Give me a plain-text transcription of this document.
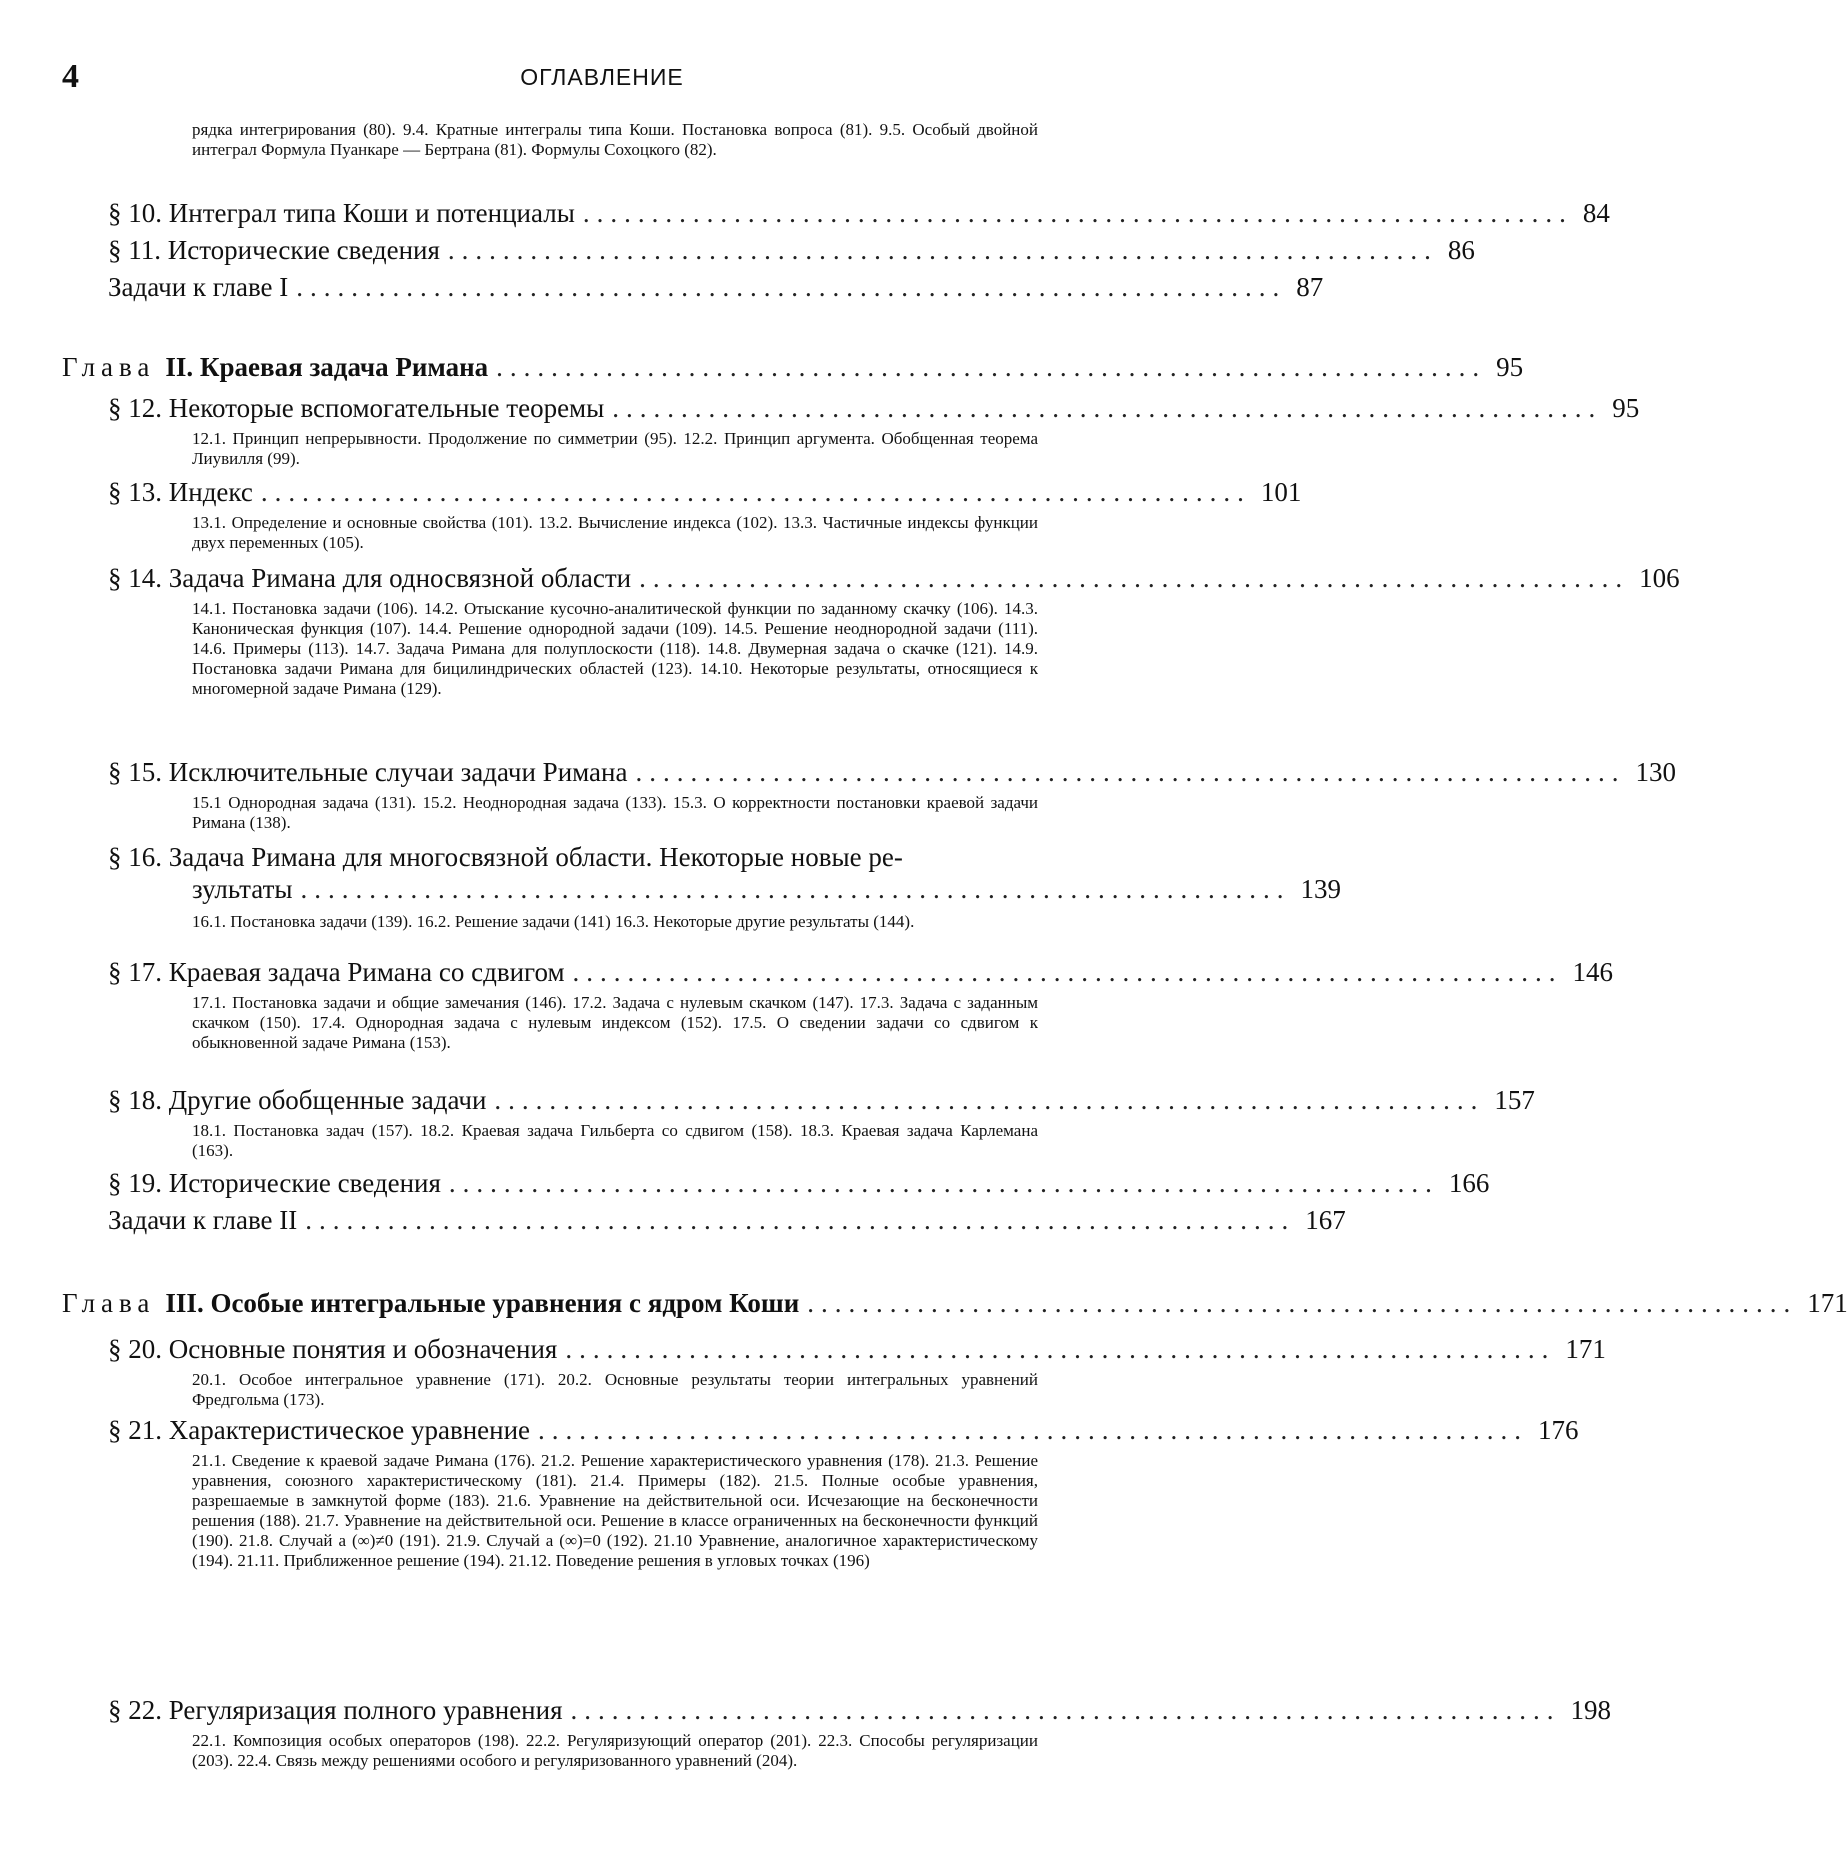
4	ОГЛАВЛЕНИЕ
рядка интегрирования (80). 9.4. Кратные интегралы типа Коши. Постановка вопроса (81). 9.5. Особый двойной интеграл Формула Пуанкаре — Бертрана (81). Формулы Сохоцкого (82).
§ 10. Интеграл типа Коши и потенциалы ........................................................................ 84
§ 11. Исторические сведения ........................................................................ 86
Задачи к главе I ........................................................................ 87
Глава II. Краевая задача Римана ........................................................................ 95
§ 12. Некоторые вспомогательные теоремы ........................................................................ 95
12.1. Принцип непрерывности. Продолжение по симметрии (95). 12.2. Принцип аргумента. Обобщенная теорема Лиувилля (99).
§ 13. Индекс ........................................................................ 101
13.1. Определение и основные свойства (101). 13.2. Вычисление индекса (102). 13.3. Частичные индексы функции двух переменных (105).
§ 14. Задача Римана для односвязной области ........................................................................ 106
14.1. Постановка задачи (106). 14.2. Отыскание кусочно-аналитической функции по заданному скачку (106). 14.3. Каноническая функция (107). 14.4. Решение однородной задачи (109). 14.5. Решение неоднородной задачи (111). 14.6. Примеры (113). 14.7. Задача Римана для полуплоскости (118). 14.8. Двумерная задача о скачке (121). 14.9. Постановка задачи Римана для бицилиндрических областей (123). 14.10. Некоторые результаты, относящиеся к многомерной задаче Римана (129).
§ 15. Исключительные случаи задачи Римана ........................................................................ 130
15.1 Однородная задача (131). 15.2. Неоднородная задача (133). 15.3. О корректности постановки краевой задачи Римана (138).
§ 16. Задача Римана для многосвязной области. Некоторые новые ре-
зультаты ........................................................................ 139
16.1. Постановка задачи (139). 16.2. Решение задачи (141) 16.3. Некоторые другие результаты (144).
§ 17. Краевая задача Римана со сдвигом ........................................................................ 146
17.1. Постановка задачи и общие замечания (146). 17.2. Задача с нулевым скачком (147). 17.3. Задача с заданным скачком (150). 17.4. Однородная задача с нулевым индексом (152). 17.5. О сведении задачи со сдвигом к обыкновенной задаче Римана (153).
§ 18. Другие обобщенные задачи ........................................................................ 157
18.1. Постановка задач (157). 18.2. Краевая задача Гильберта со сдвигом (158). 18.3. Краевая задача Карлемана (163).
§ 19. Исторические сведения ........................................................................ 166
Задачи к главе II ........................................................................ 167
Глава III. Особые интегральные уравнения с ядром Коши ........................................................................ 171
§ 20. Основные понятия и обозначения ........................................................................ 171
20.1. Особое интегральное уравнение (171). 20.2. Основные результаты теории интегральных уравнений Фредгольма (173).
§ 21. Характеристическое уравнение ........................................................................ 176
21.1. Сведение к краевой задаче Римана (176). 21.2. Решение характеристического уравнения (178). 21.3. Решение уравнения, союзного характеристическому (181). 21.4. Примеры (182). 21.5. Полные особые уравнения, разрешаемые в замкнутой форме (183). 21.6. Уравнение на действительной оси. Исчезающие на бесконечности решения (188). 21.7. Уравнение на действительной оси. Решение в классе ограниченных на бесконечности функций (190). 21.8. Случай a (∞)≠0 (191). 21.9. Случай a (∞)=0 (192). 21.10 Уравнение, аналогичное характеристическому (194). 21.11. Приближенное решение (194). 21.12. Поведение решения в угловых точках (196)
§ 22. Регуляризация полного уравнения ........................................................................ 198
22.1. Композиция особых операторов (198). 22.2. Регуляризующий оператор (201). 22.3. Способы регуляризации (203). 22.4. Связь между решениями особого и регуляризованного уравнений (204).
